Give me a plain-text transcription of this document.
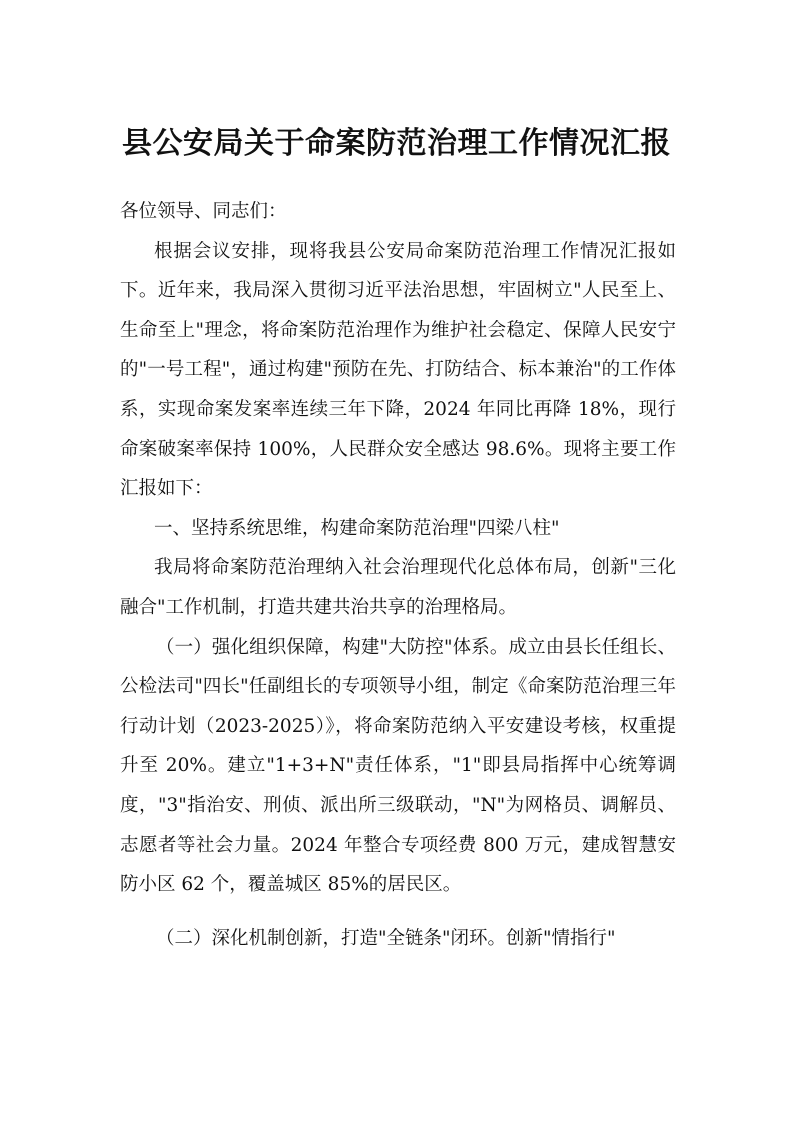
县公安局关于命案防范治理工作情况汇报

各位领导、同志们：

根据会议安排，现将我县公安局命案防范治理工作情况汇报如下。近年来，我局深入贯彻习近平法治思想，牢固树立"人民至上、生命至上"理念，将命案防范治理作为维护社会稳定、保障人民安宁的"一号工程"，通过构建"预防在先、打防结合、标本兼治"的工作体系，实现命案发案率连续三年下降，2024 年同比再降 18%，现行命案破案率保持 100%，人民群众安全感达 98.6%。现将主要工作汇报如下：

一、坚持系统思维，构建命案防范治理"四梁八柱"

我局将命案防范治理纳入社会治理现代化总体布局，创新"三化融合"工作机制，打造共建共治共享的治理格局。

（一）强化组织保障，构建"大防控"体系。成立由县长任组长、公检法司"四长"任副组长的专项领导小组，制定《命案防范治理三年行动计划（2023-2025）》，将命案防范纳入平安建设考核，权重提升至 20%。建立"1+3+N"责任体系，"1"即县局指挥中心统筹调度，"3"指治安、刑侦、派出所三级联动，"N"为网格员、调解员、志愿者等社会力量。2024 年整合专项经费 800 万元，建成智慧安防小区 62 个，覆盖城区 85%的居民区。

（二）深化机制创新，打造"全链条"闭环。创新"情指行"
